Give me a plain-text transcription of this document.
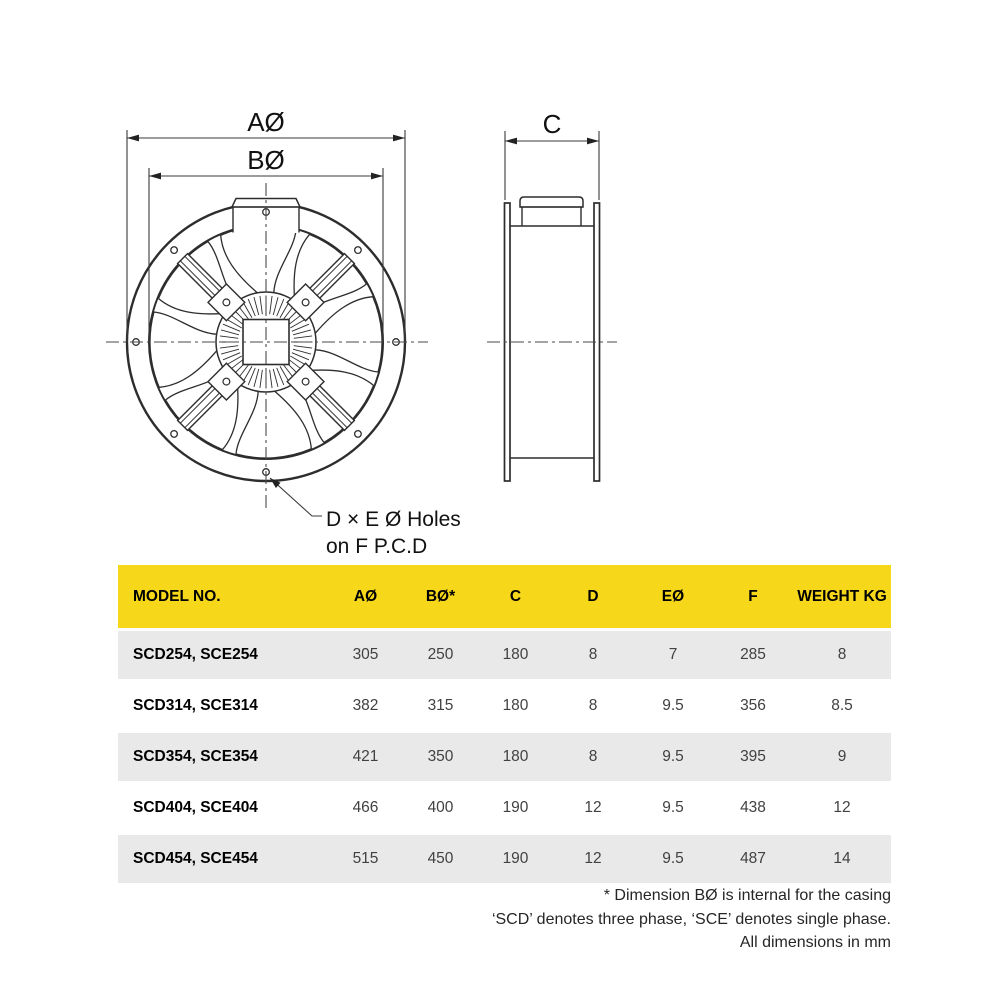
AØ
BØ
D × E Ø Holes
on F P.C.D
C
MODEL NO.	AØ	BØ*	C	D	EØ	F	WEIGHT KG
SCD254, SCE254	305	250	180	8	7	285	8
SCD314, SCE314	382	315	180	8	9.5	356	8.5
SCD354, SCE354	421	350	180	8	9.5	395	9
SCD404, SCE404	466	400	190	12	9.5	438	12
SCD454, SCE454	515	450	190	12	9.5	487	14
* Dimension BØ is internal for the casing
‘SCD’ denotes three phase, ‘SCE’ denotes single phase.
All dimensions in mm
